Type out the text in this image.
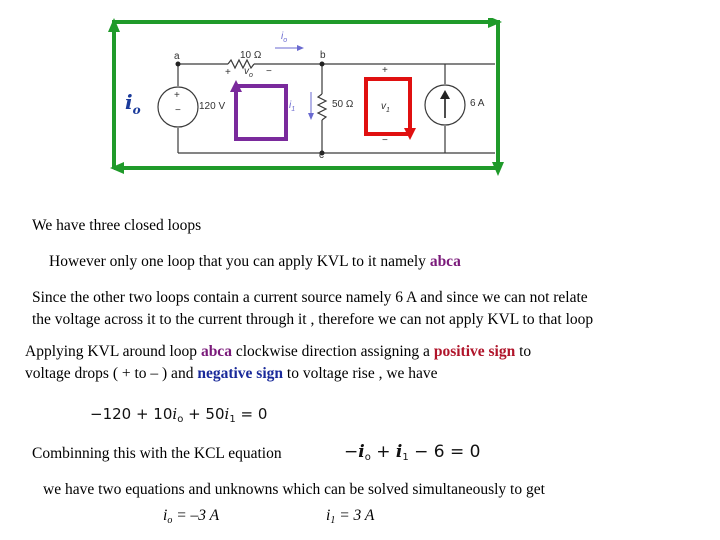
$i_o$
a	b
c
10 Ω
+ $v_o$ −
+
− 120 V	$i_1$	50 Ω
+
$v_1$
−
6 A
$i_o$
We have three closed loops
However only one loop that you can apply KVL to it namely abca
Since the other two loops contain a current source namely 6 A and since we can not relate
the voltage across it to the current through it , therefore we can not apply KVL to that loop
Applying KVL around loop abca clockwise direction assigning a positive sign to
voltage drops ( + to – ) and negative sign to voltage rise , we have
$-120 + 10i_o + 50i_1 = 0$
Combinning this with the KCL equation	$-i_o + i_1 - 6 = 0$
we have two equations and unknowns which can be solved simultaneously to get
$i_o = -3$ A	$i_1 = 3$ A
